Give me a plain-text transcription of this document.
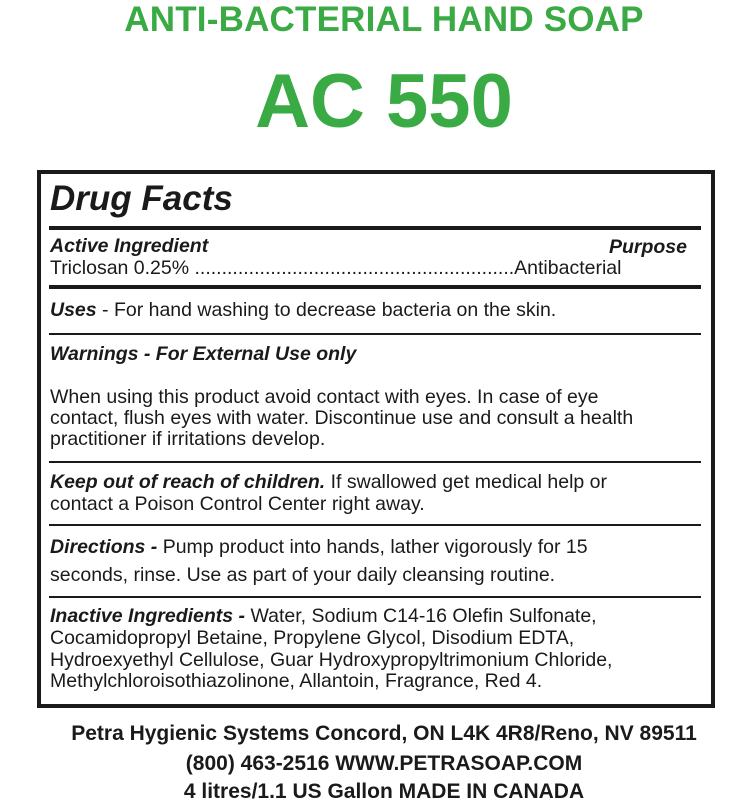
ANTI-BACTERIAL HAND SOAP
AC 550
Drug Facts
Active Ingredient	Purpose
Triclosan 0.25% ...........................................................Antibacterial
Uses - For hand washing to decrease bacteria on the skin.
Warnings - For External Use only
When using this product avoid contact with eyes. In case of eye
contact, flush eyes with water. Discontinue use and consult a health
practitioner if irritations develop.
Keep out of reach of children. If swallowed get medical help or
contact a Poison Control Center right away.
Directions - Pump product into hands, lather vigorously for 15
seconds, rinse. Use as part of your daily cleansing routine.
Inactive Ingredients - Water, Sodium C14-16 Olefin Sulfonate,
Cocamidopropyl Betaine, Propylene Glycol, Disodium EDTA,
Hydroexyethyl Cellulose, Guar Hydroxypropyltrimonium Chloride,
Methylchloroisothiazolinone, Allantoin, Fragrance, Red 4.
Petra Hygienic Systems Concord, ON L4K 4R8/Reno, NV 89511
(800) 463-2516 WWW.PETRASOAP.COM
4 litres/1.1 US Gallon MADE IN CANADA
